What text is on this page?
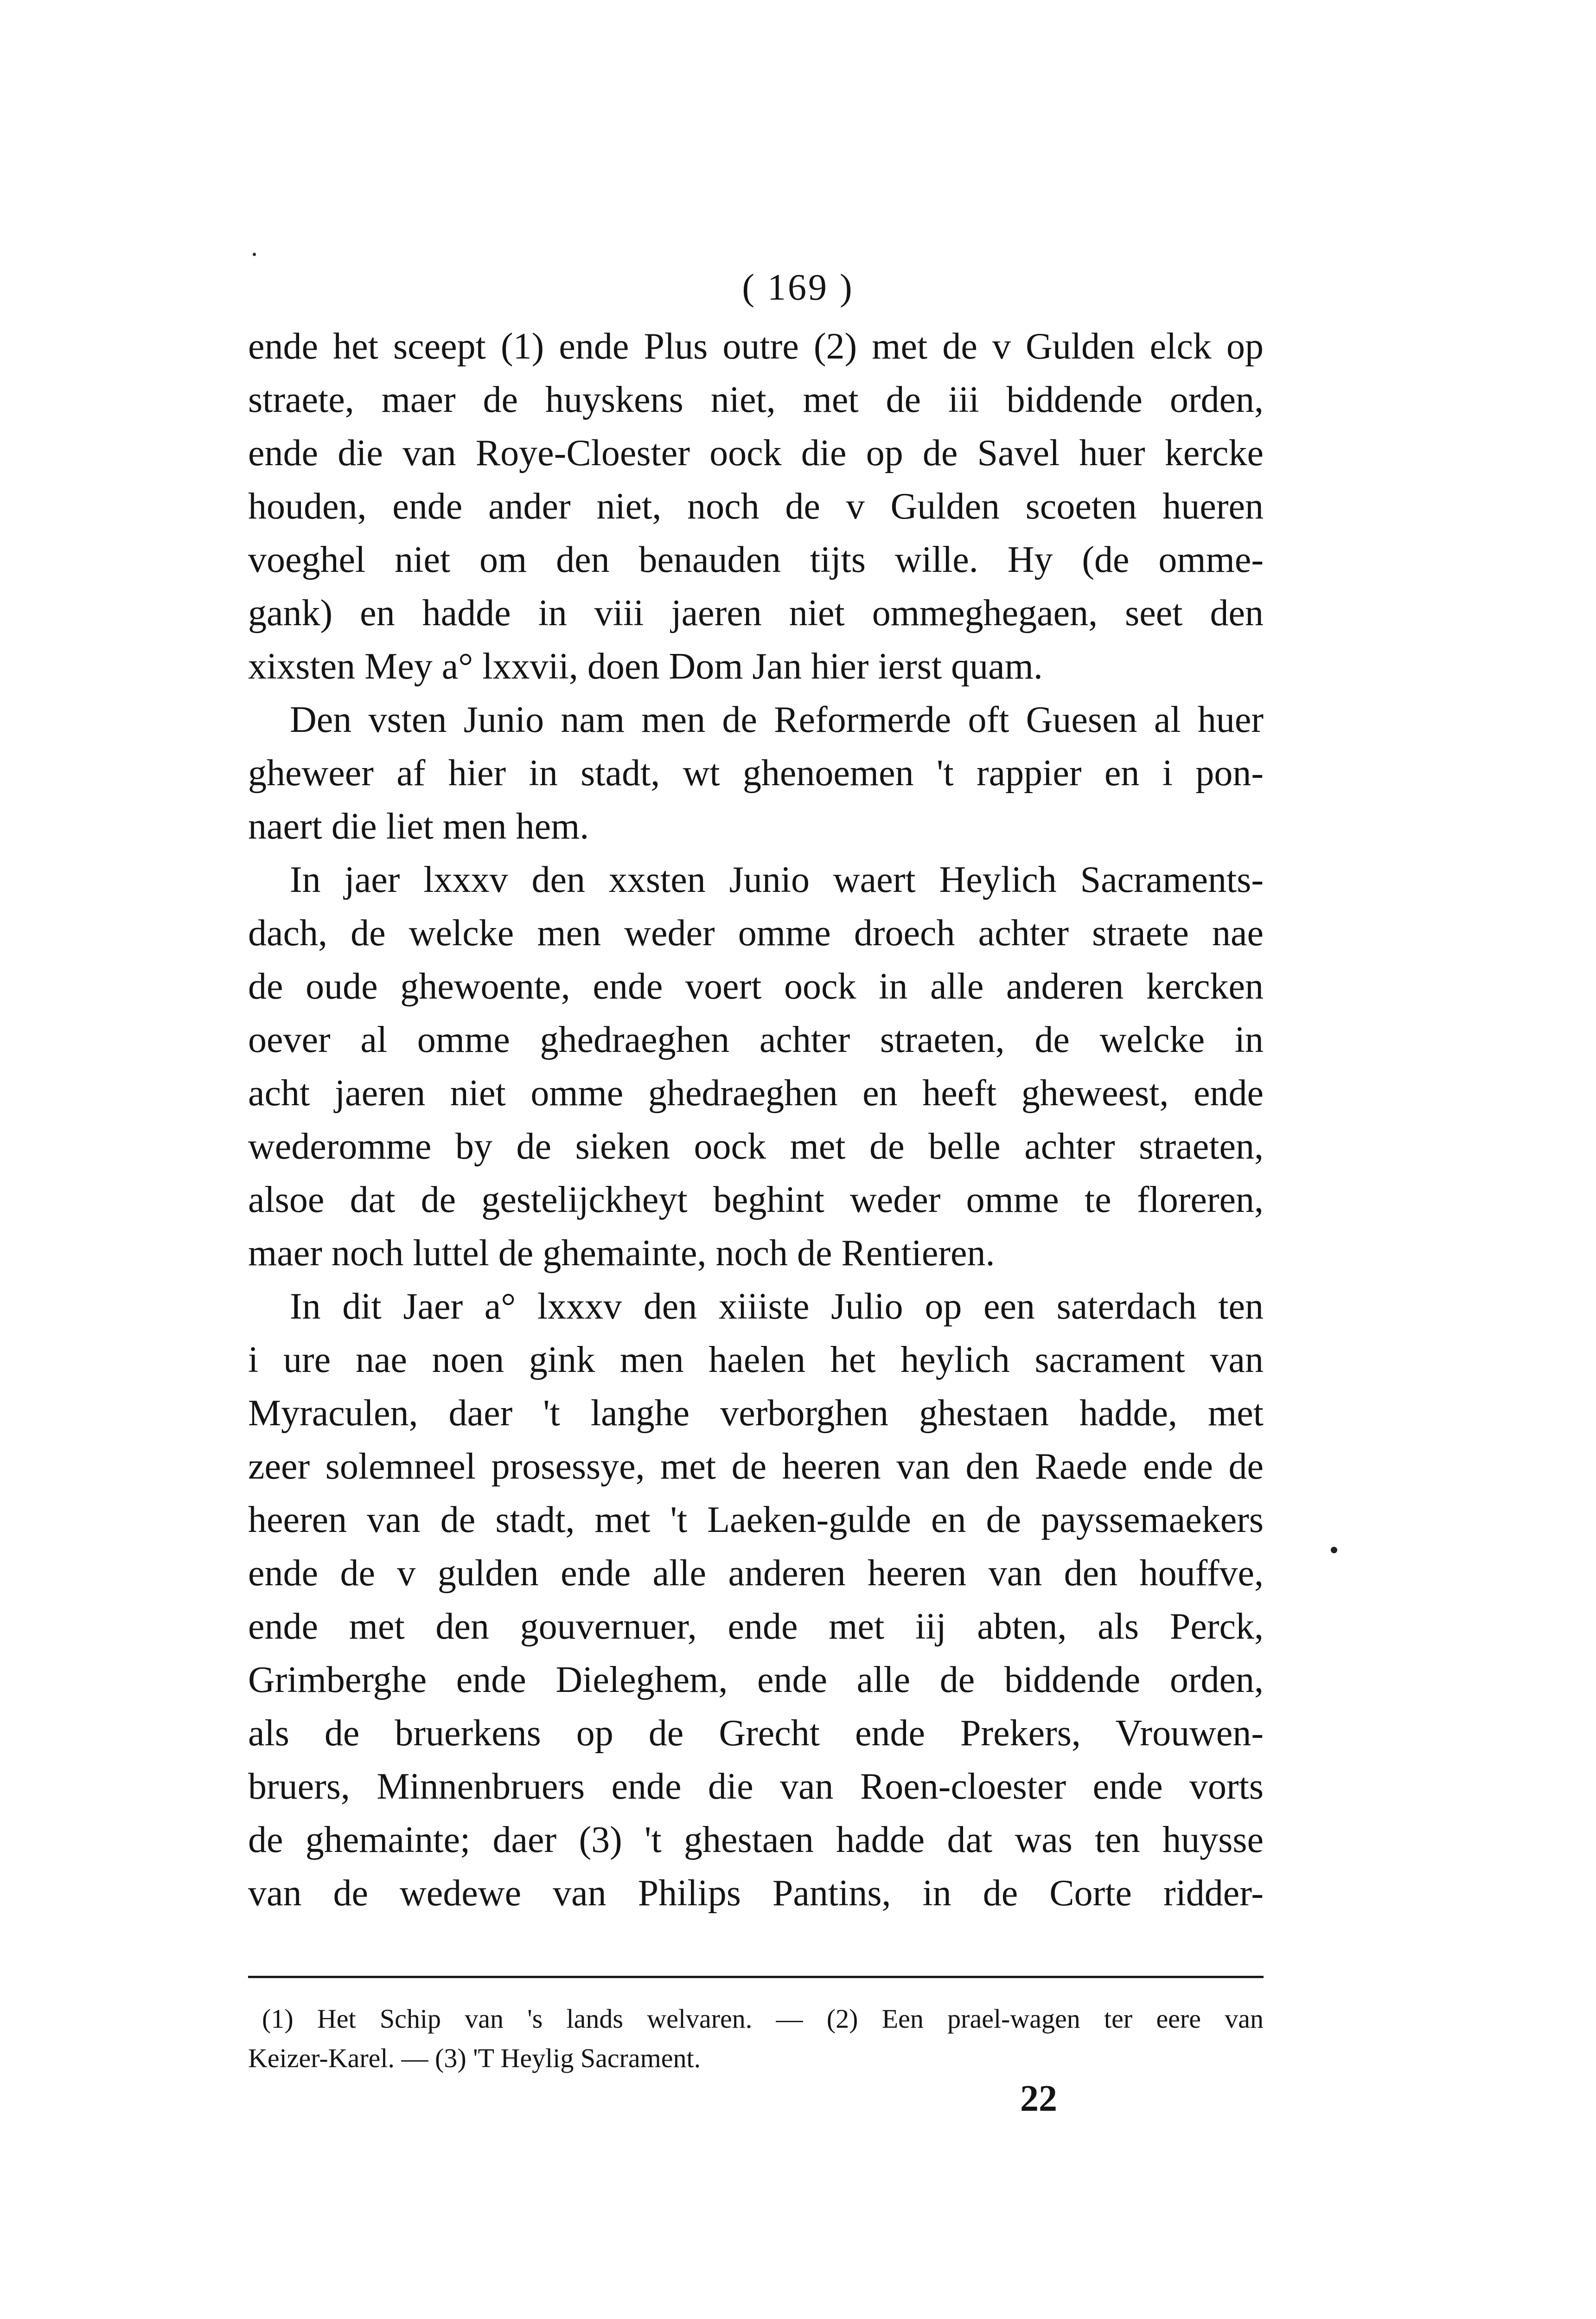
( 169 )
ende het sceept (1) ende Plus outre (2) met de v Gulden elck op
straete, maer de huyskens niet, met de iii biddende orden,
ende die van Roye-Cloester oock die op de Savel huer kercke
houden, ende ander niet, noch de v Gulden scoeten hueren
voeghel niet om den benauden tijts wille. Hy (de omme-
gank) en hadde in viii jaeren niet ommeghegaen, seet den
xixsten Mey a° lxxvii, doen Dom Jan hier ierst quam.
Den vsten Junio nam men de Reformerde oft Guesen al huer
gheweer af hier in stadt, wt ghenoemen 't rappier en i pon-
naert die liet men hem.
In jaer lxxxv den xxsten Junio waert Heylich Sacraments-
dach, de welcke men weder omme droech achter straete nae
de oude ghewoente, ende voert oock in alle anderen kercken
oever al omme ghedraeghen achter straeten, de welcke in
acht jaeren niet omme ghedraeghen en heeft gheweest, ende
wederomme by de sieken oock met de belle achter straeten,
alsoe dat de gestelijckheyt beghint weder omme te floreren,
maer noch luttel de ghemainte, noch de Rentieren.
In dit Jaer a° lxxxv den xiiiste Julio op een saterdach ten
i ure nae noen gink men haelen het heylich sacrament van
Myraculen, daer 't langhe verborghen ghestaen hadde, met
zeer solemneel prosessye, met de heeren van den Raede ende de
heeren van de stadt, met 't Laeken-gulde en de payssemaekers
ende de v gulden ende alle anderen heeren van den houffve,
ende met den gouvernuer, ende met iij abten, als Perck,
Grimberghe ende Dieleghem, ende alle de biddende orden,
als de bruerkens op de Grecht ende Prekers, Vrouwen-
bruers, Minnenbruers ende die van Roen-cloester ende vorts
de ghemainte; daer (3) 't ghestaen hadde dat was ten huysse
van de wedewe van Philips Pantins, in de Corte ridder-
(1) Het Schip van 's lands welvaren. — (2) Een prael-wagen ter eere van
Keizer-Karel. — (3) 'T Heylig Sacrament.
22
